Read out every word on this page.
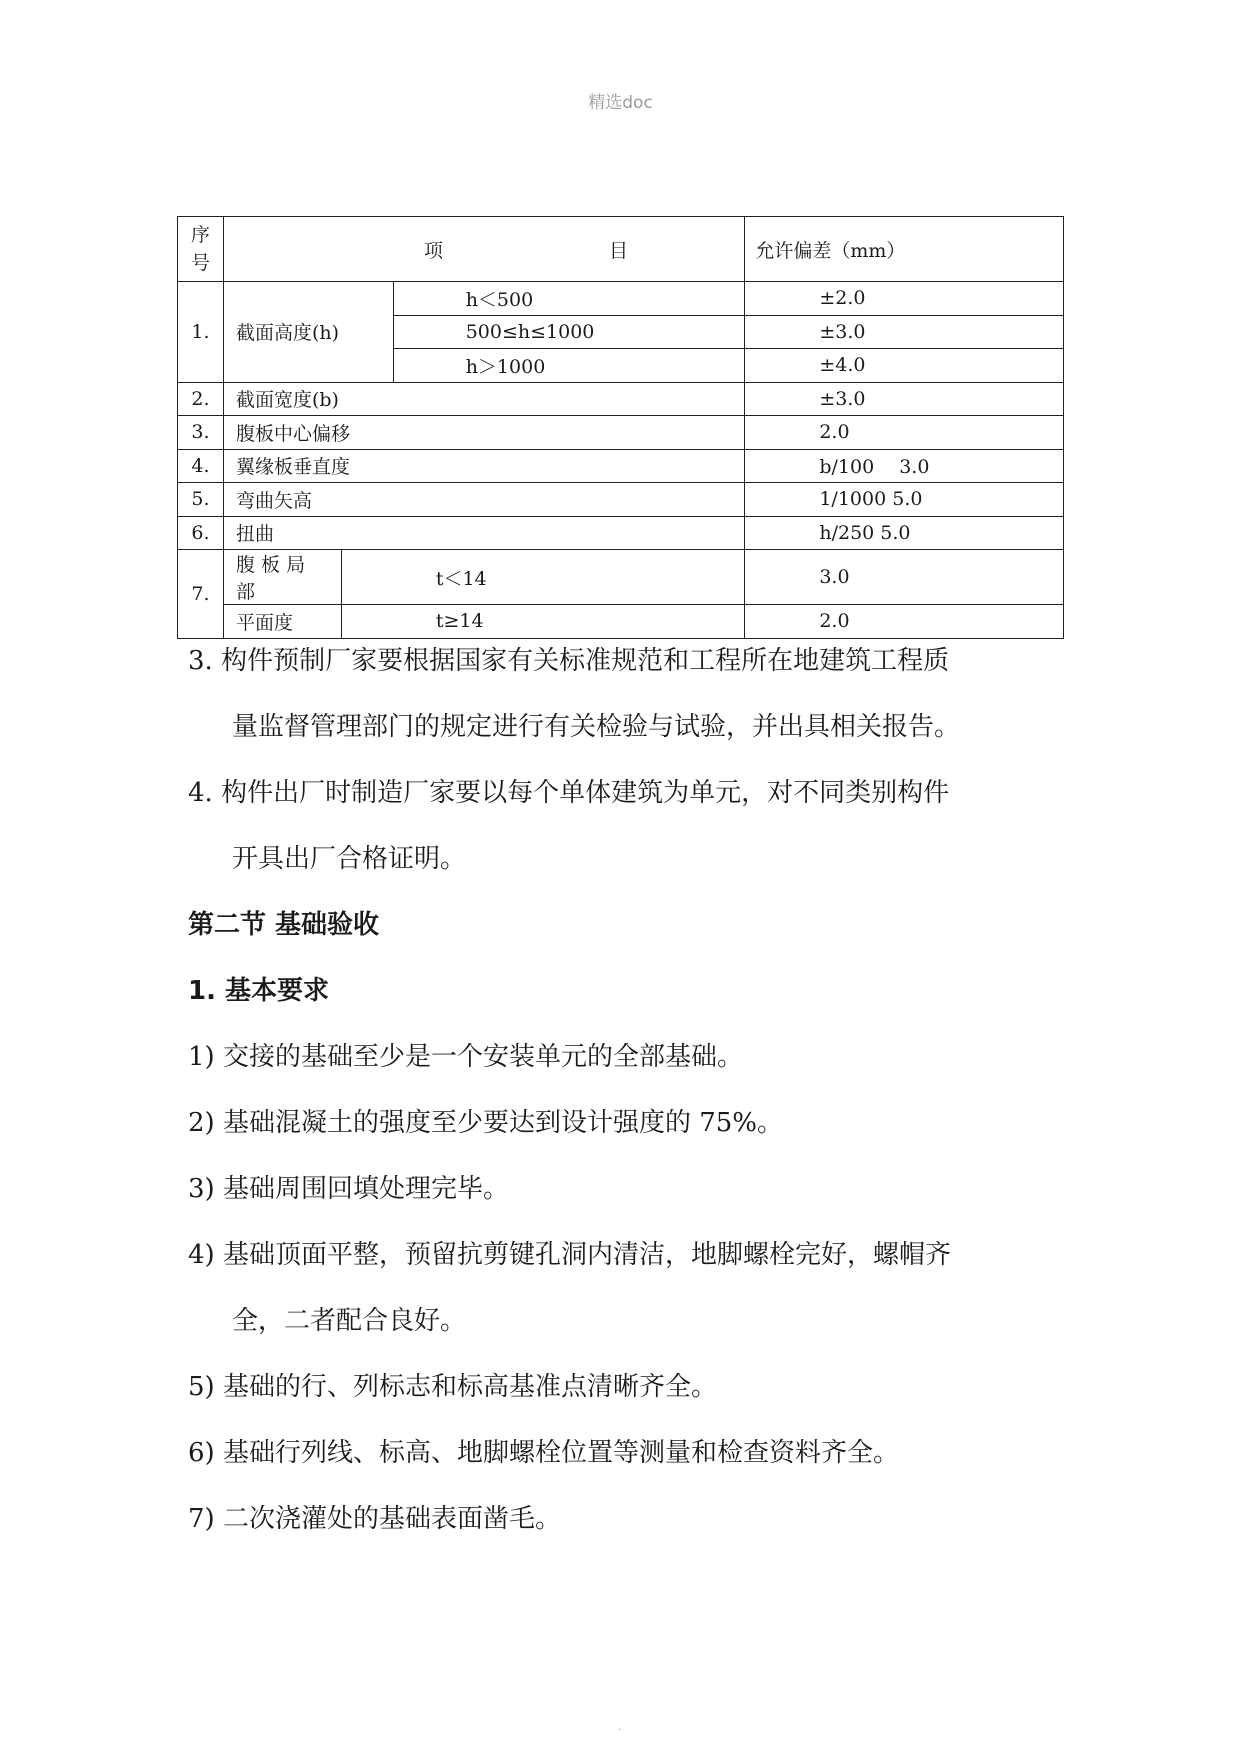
精选doc
序
号	项 目			允许偏差（mm）
1.	截面高度(h)		h＜500	±2.0
			500≤h≤1000	±3.0
			h＞1000	±4.0
2.	截面宽度(b)			±3.0
3.	腹板中心偏移			2.0
4.	翼缘板垂直度			b/100　 3.0
5.	弯曲矢高			1/1000 5.0
6.	扭曲			h/250 5.0
7.	腹 板 局 部	t＜14		3.0
	平面度	t≥14		2.0
3. 构件预制厂家要根据国家有关标准规范和工程所在地建筑工程质
量监督管理部门的规定进行有关检验与试验，并出具相关报告。
4. 构件出厂时制造厂家要以每个单体建筑为单元，对不同类别构件
开具出厂合格证明。
第二节 基础验收
1. 基本要求
1) 交接的基础至少是一个安装单元的全部基础。
2) 基础混凝土的强度至少要达到设计强度的 75%。
3) 基础周围回填处理完毕。
4) 基础顶面平整，预留抗剪键孔洞内清洁，地脚螺栓完好，螺帽齐
全，二者配合良好。
5) 基础的行、列标志和标高基准点清晰齐全。
6) 基础行列线、标高、地脚螺栓位置等测量和检查资料齐全。
7) 二次浇灌处的基础表面凿毛。
.
